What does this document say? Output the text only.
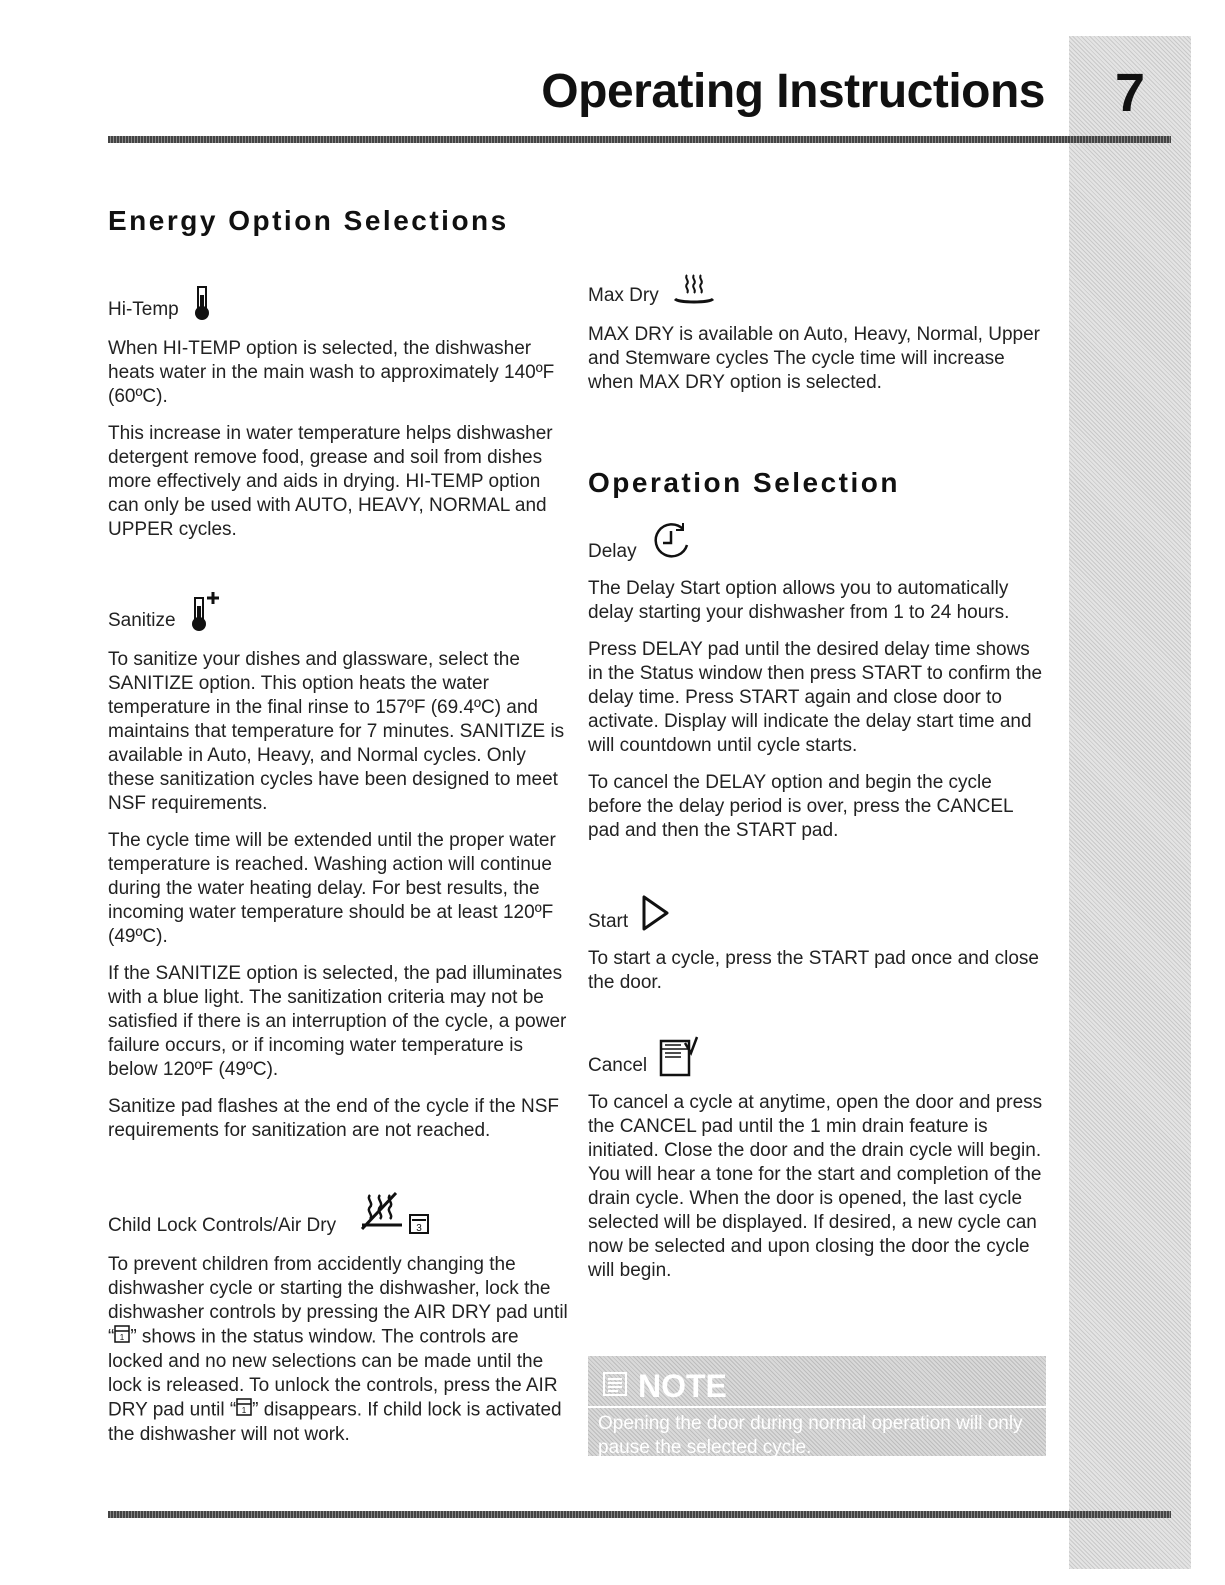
7
Operating Instructions
Energy Option Selections
Hi-Temp

When HI-TEMP option is selected, the dishwasher heats water in the main wash to approximately 140ºF (60ºC).

This increase in water temperature helps dishwasher detergent remove food, grease and soil from dishes more effectively and aids in drying. HI-TEMP option can only be used with AUTO, HEAVY, NORMAL and UPPER cycles.

Sanitize

To sanitize your dishes and glassware, select the SANITIZE option. This option heats the water temperature in the final rinse to 157ºF (69.4ºC) and maintains that temperature for 7 minutes. SANITIZE is available in Auto, Heavy, and Normal cycles. Only these sanitization cycles have been designed to meet NSF requirements.

The cycle time will be extended until the proper water temperature is reached. Washing action will continue during the water heating delay. For best results, the incoming water temperature should be at least 120ºF (49ºC).

If the SANITIZE option is selected, the pad illuminates with a blue light. The sanitization criteria may not be satisfied if there is an interruption of the cycle, a power failure occurs, or if incoming water temperature is below 120ºF (49ºC).

Sanitize pad flashes at the end of the cycle if the NSF requirements for sanitization are not reached.

Child Lock Controls/Air Dry	3

To prevent children from accidently changing the dishwasher cycle or starting the dishwasher, lock the dishwasher controls by pressing the AIR DRY pad until “ 1 ” shows in the status window. The controls are locked and no new selections can be made until the lock is released. To unlock the controls, press the AIR DRY pad until “ 1 ” disappears. If child lock is activated the dishwasher will not work.

Max Dry

MAX DRY is available on Auto, Heavy, Normal, Upper and Stemware cycles The cycle time will increase when MAX DRY option is selected.

Operation Selection
Delay

The Delay Start option allows you to automatically delay starting your dishwasher from 1 to 24 hours.

Press DELAY pad until the desired delay time shows in the Status window then press START to confirm the delay time. Press START again and close door to activate. Display will indicate the delay start time and will countdown until cycle starts.

To cancel the DELAY option and begin the cycle before the delay period is over, press the CANCEL pad and then the START pad.

Start

To start a cycle, press the START pad once and close the door.

Cancel

To cancel a cycle at anytime, open the door and press the CANCEL pad until the 1 min drain feature is initiated. Close the door and the drain cycle will begin. You will hear a tone for the start and completion of the drain cycle. When the door is opened, the last cycle selected will be displayed. If desired, a new cycle can now be selected and upon closing the door the cycle will begin.

NOTE
Opening the door during normal operation will only pause the selected cycle.
